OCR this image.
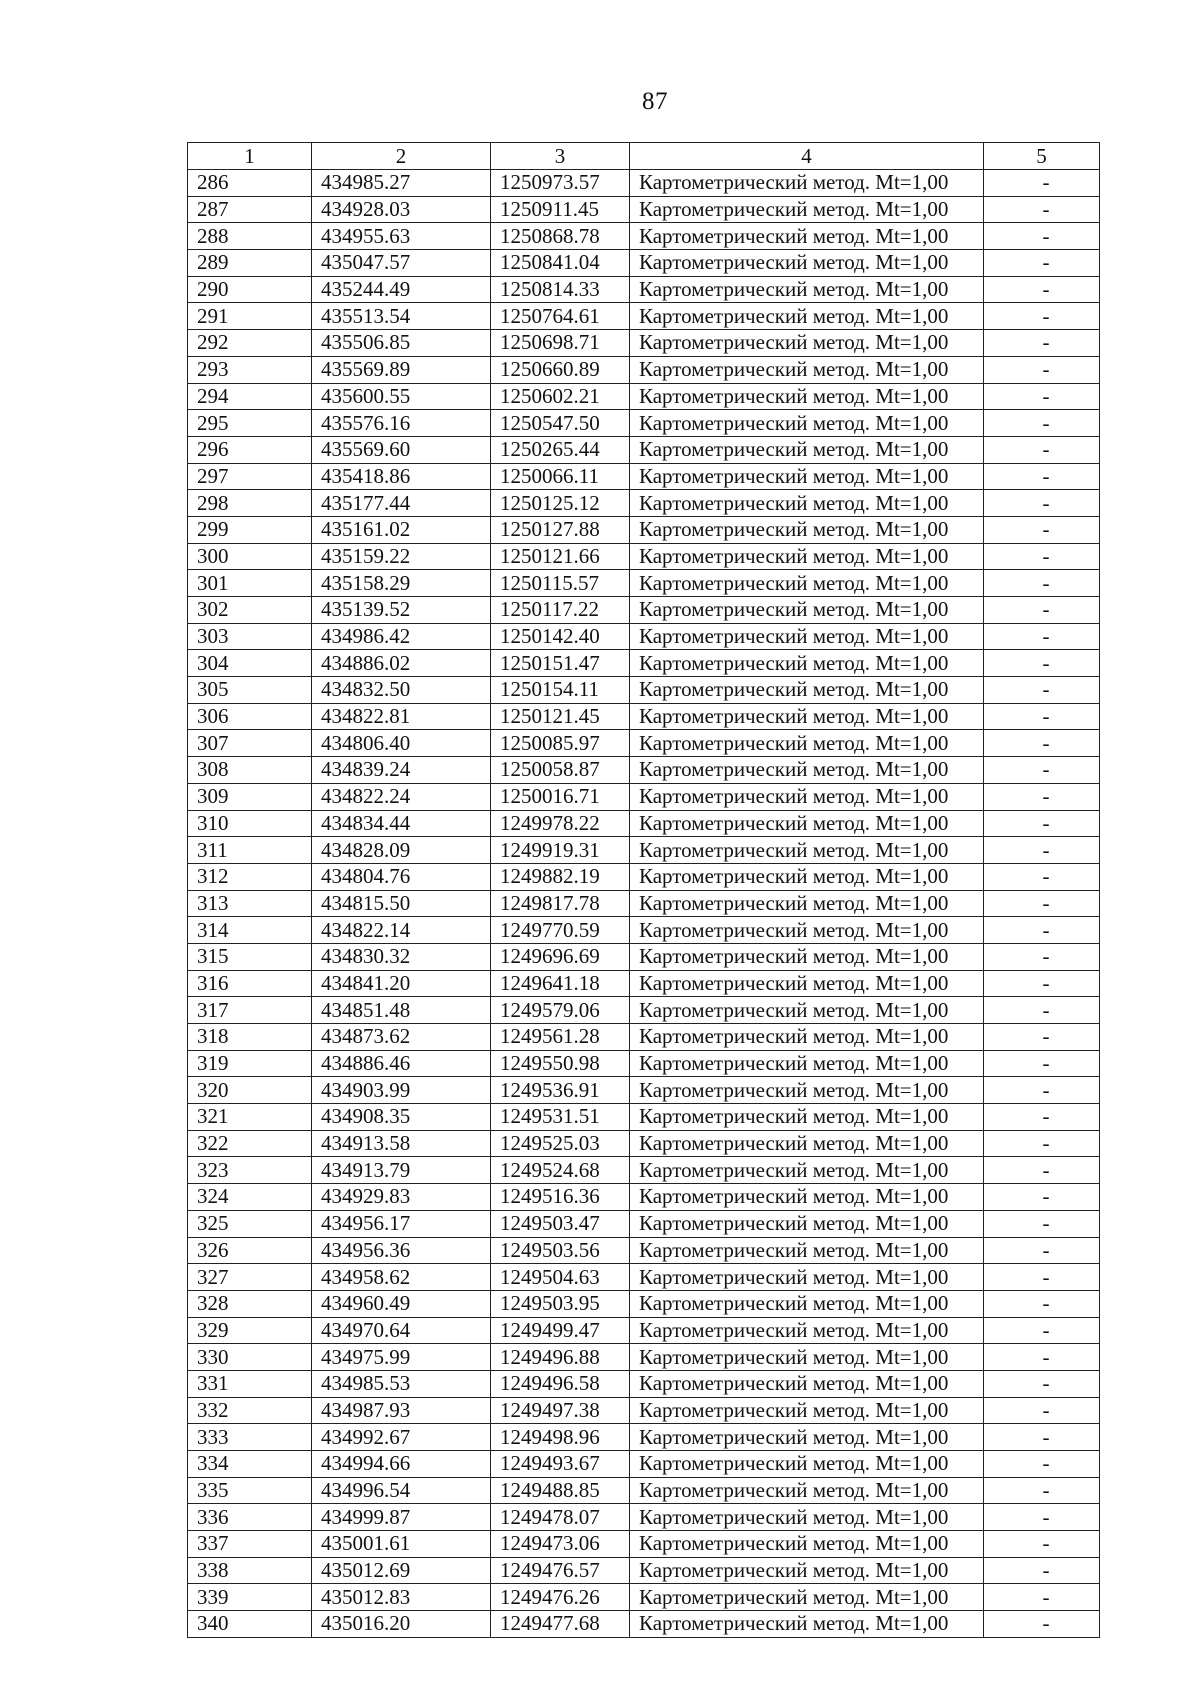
87
1	2	3	4	5
286	434985.27	1250973.57	Картометрический метод. Mt=1,00	-
287	434928.03	1250911.45	Картометрический метод. Mt=1,00	-
288	434955.63	1250868.78	Картометрический метод. Mt=1,00	-
289	435047.57	1250841.04	Картометрический метод. Mt=1,00	-
290	435244.49	1250814.33	Картометрический метод. Mt=1,00	-
291	435513.54	1250764.61	Картометрический метод. Mt=1,00	-
292	435506.85	1250698.71	Картометрический метод. Mt=1,00	-
293	435569.89	1250660.89	Картометрический метод. Mt=1,00	-
294	435600.55	1250602.21	Картометрический метод. Mt=1,00	-
295	435576.16	1250547.50	Картометрический метод. Mt=1,00	-
296	435569.60	1250265.44	Картометрический метод. Mt=1,00	-
297	435418.86	1250066.11	Картометрический метод. Mt=1,00	-
298	435177.44	1250125.12	Картометрический метод. Mt=1,00	-
299	435161.02	1250127.88	Картометрический метод. Mt=1,00	-
300	435159.22	1250121.66	Картометрический метод. Mt=1,00	-
301	435158.29	1250115.57	Картометрический метод. Mt=1,00	-
302	435139.52	1250117.22	Картометрический метод. Mt=1,00	-
303	434986.42	1250142.40	Картометрический метод. Mt=1,00	-
304	434886.02	1250151.47	Картометрический метод. Mt=1,00	-
305	434832.50	1250154.11	Картометрический метод. Mt=1,00	-
306	434822.81	1250121.45	Картометрический метод. Mt=1,00	-
307	434806.40	1250085.97	Картометрический метод. Mt=1,00	-
308	434839.24	1250058.87	Картометрический метод. Mt=1,00	-
309	434822.24	1250016.71	Картометрический метод. Mt=1,00	-
310	434834.44	1249978.22	Картометрический метод. Mt=1,00	-
311	434828.09	1249919.31	Картометрический метод. Mt=1,00	-
312	434804.76	1249882.19	Картометрический метод. Mt=1,00	-
313	434815.50	1249817.78	Картометрический метод. Mt=1,00	-
314	434822.14	1249770.59	Картометрический метод. Mt=1,00	-
315	434830.32	1249696.69	Картометрический метод. Mt=1,00	-
316	434841.20	1249641.18	Картометрический метод. Mt=1,00	-
317	434851.48	1249579.06	Картометрический метод. Mt=1,00	-
318	434873.62	1249561.28	Картометрический метод. Mt=1,00	-
319	434886.46	1249550.98	Картометрический метод. Mt=1,00	-
320	434903.99	1249536.91	Картометрический метод. Mt=1,00	-
321	434908.35	1249531.51	Картометрический метод. Mt=1,00	-
322	434913.58	1249525.03	Картометрический метод. Mt=1,00	-
323	434913.79	1249524.68	Картометрический метод. Mt=1,00	-
324	434929.83	1249516.36	Картометрический метод. Mt=1,00	-
325	434956.17	1249503.47	Картометрический метод. Mt=1,00	-
326	434956.36	1249503.56	Картометрический метод. Mt=1,00	-
327	434958.62	1249504.63	Картометрический метод. Mt=1,00	-
328	434960.49	1249503.95	Картометрический метод. Mt=1,00	-
329	434970.64	1249499.47	Картометрический метод. Mt=1,00	-
330	434975.99	1249496.88	Картометрический метод. Mt=1,00	-
331	434985.53	1249496.58	Картометрический метод. Mt=1,00	-
332	434987.93	1249497.38	Картометрический метод. Mt=1,00	-
333	434992.67	1249498.96	Картометрический метод. Mt=1,00	-
334	434994.66	1249493.67	Картометрический метод. Mt=1,00	-
335	434996.54	1249488.85	Картометрический метод. Mt=1,00	-
336	434999.87	1249478.07	Картометрический метод. Mt=1,00	-
337	435001.61	1249473.06	Картометрический метод. Mt=1,00	-
338	435012.69	1249476.57	Картометрический метод. Mt=1,00	-
339	435012.83	1249476.26	Картометрический метод. Mt=1,00	-
340	435016.20	1249477.68	Картометрический метод. Mt=1,00	-
